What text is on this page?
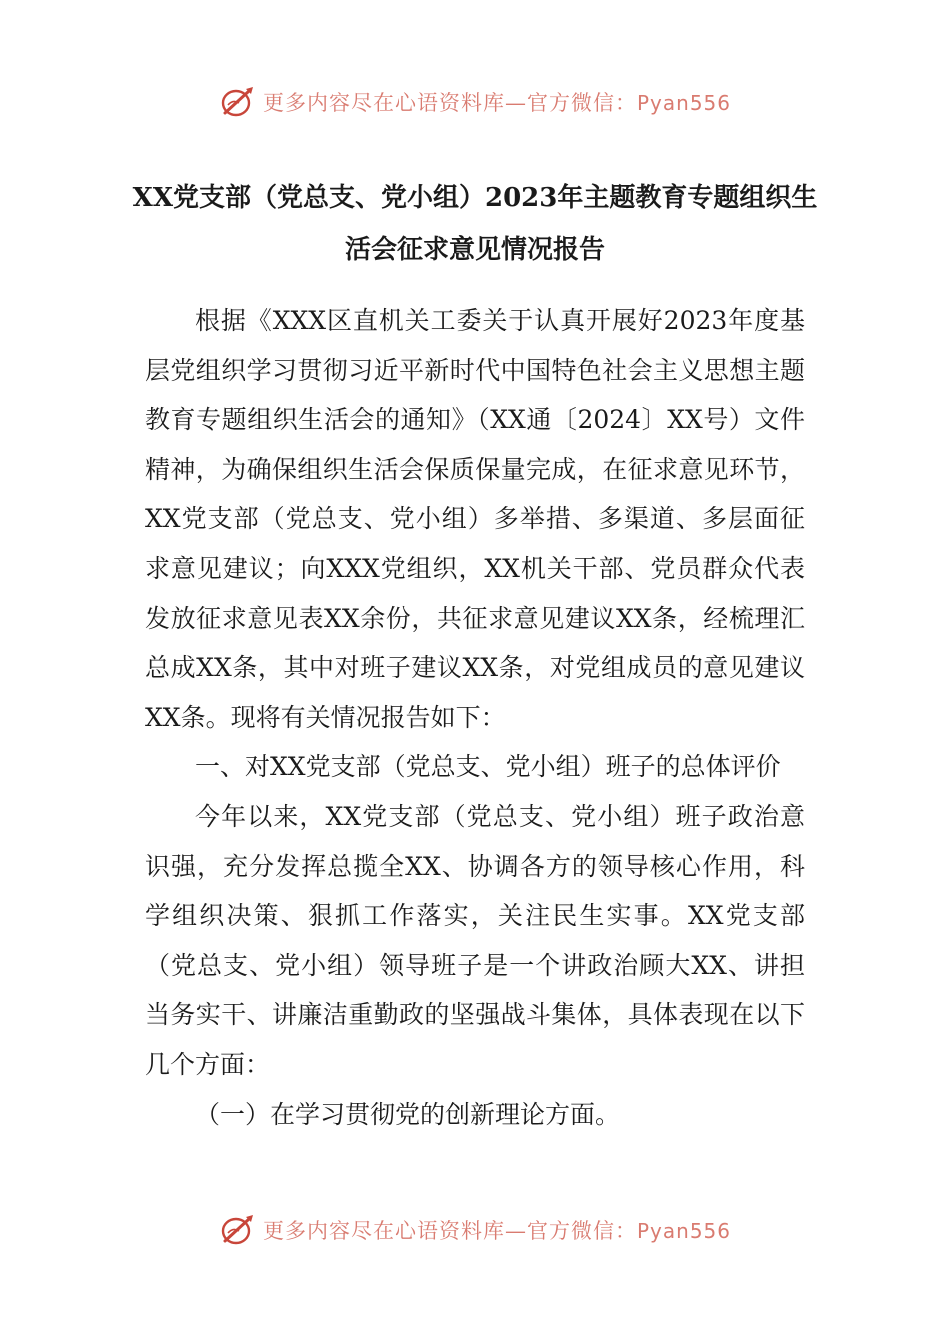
更多内容尽在心语资料库—官方微信：Pyan556
XX党支部（党总支、党小组）2023年主题教育专题组织生
活会征求意见情况报告

根据《XXX区直机关工委关于认真开展好2023年度基层党组织学习贯彻习近平新时代中国特色社会主义思想主题教育专题组织生活会的通知》（XX通〔2024〕XX号）文件精神，为确保组织生活会保质保量完成，在征求意见环节，XX党支部（党总支、党小组）多举措、多渠道、多层面征求意见建议；向XXX党组织，XX机关干部、党员群众代表发放征求意见表XX余份，共征求意见建议XX条，经梳理汇总成XX条，其中对班子建议XX条，对党组成员的意见建议XX条。现将有关情况报告如下：

一、对XX党支部（党总支、党小组）班子的总体评价

今年以来，XX党支部（党总支、党小组）班子政治意识强，充分发挥总揽全XX、协调各方的领导核心作用，科学组织决策、狠抓工作落实，关注民生实事。XX党支部（党总支、党小组）领导班子是一个讲政治顾大XX、讲担当务实干、讲廉洁重勤政的坚强战斗集体，具体表现在以下几个方面：

（一）在学习贯彻党的创新理论方面。

更多内容尽在心语资料库—官方微信：Pyan556
